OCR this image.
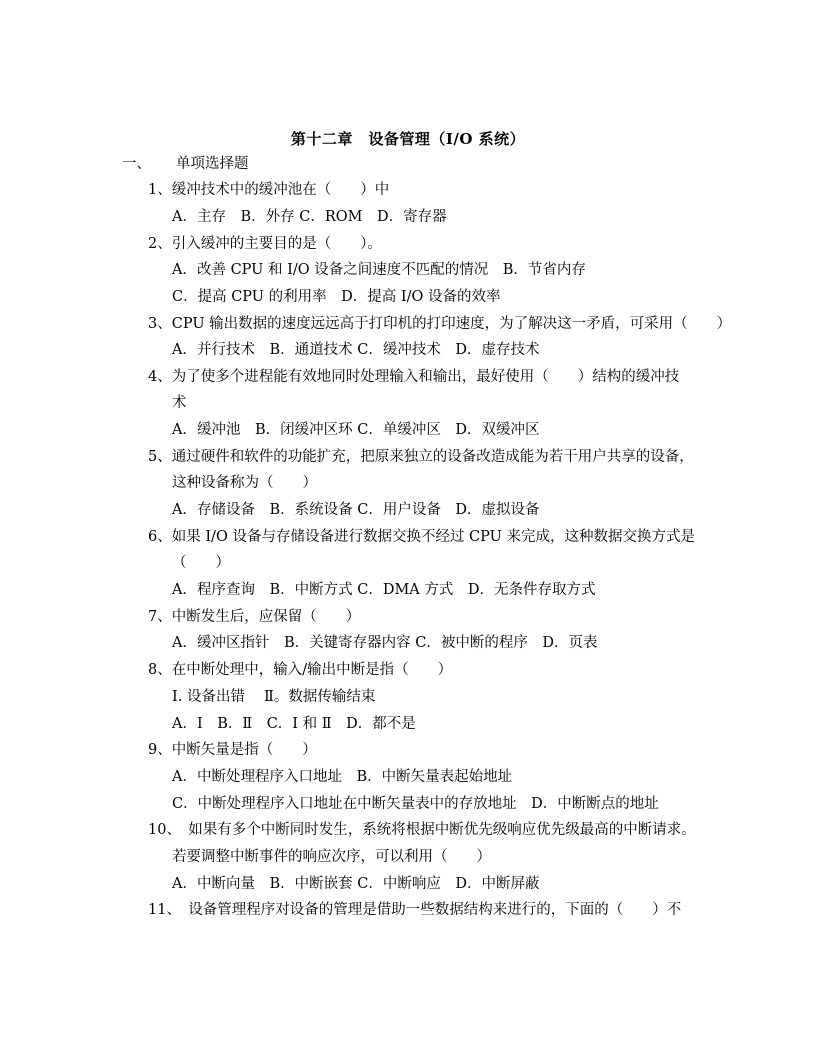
第十二章　设备管理（I/O 系统）
一、 单项选择题
1、缓冲技术中的缓冲池在（　　）中
A．主存　B．外存 C．ROM　D．寄存器
2、引入缓冲的主要目的是（　　）。
A．改善 CPU 和 I/O 设备之间速度不匹配的情况　B．节省内存
C．提高 CPU 的利用率　D．提高 I/O 设备的效率
3、CPU 输出数据的速度远远高于打印机的打印速度，为了解决这一矛盾，可采用（　　）
A．并行技术　B．通道技术 C．缓冲技术　D．虚存技术
4、为了使多个进程能有效地同时处理输入和输出，最好使用（　　）结构的缓冲技
术
A．缓冲池　B．闭缓冲区环 C．单缓冲区　D．双缓冲区
5、通过硬件和软件的功能扩充，把原来独立的设备改造成能为若干用户共享的设备，
这种设备称为（　　）
A．存储设备　B．系统设备 C．用户设备　D．虚拟设备
6、如果 I/O 设备与存储设备进行数据交换不经过 CPU 来完成，这种数据交换方式是
（　　）
A．程序查询　B．中断方式 C．DMA 方式　D．无条件存取方式
7、中断发生后，应保留（　　）
A．缓冲区指针　B．关键寄存器内容 C．被中断的程序　D．页表
8、在中断处理中，输入/输出中断是指（　　）
I. 设备出错　 Ⅱ。数据传输结束
A．I　B．Ⅱ　C．I 和 Ⅱ　D．都不是
9、中断矢量是指（　　）
A．中断处理程序入口地址　B．中断矢量表起始地址
C．中断处理程序入口地址在中断矢量表中的存放地址　D．中断断点的地址
10、　如果有多个中断同时发生，系统将根据中断优先级响应优先级最高的中断请求。
若要调整中断事件的响应次序，可以利用（　　）
A．中断向量　B．中断嵌套 C．中断响应　D．中断屏蔽
11、　设备管理程序对设备的管理是借助一些数据结构来进行的，下面的（　　）不
